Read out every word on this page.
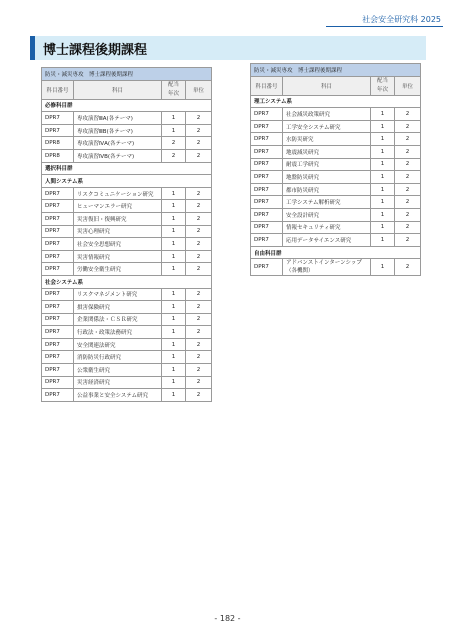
社会安全研究科 2025
博士課程後期課程
防災・減災専攻　博士課程後期課程			
科目番号	科目	配当 年次	単位
必修科目群			
DPR7	専攻演習ⅢA(各テーマ)	1	2
DPR7	専攻演習ⅢB(各テーマ)	1	2
DPR8	専攻演習ⅣA(各テーマ)	2	2
DPR8	専攻演習ⅣB(各テーマ)	2	2
選択科目群			
人間システム系			
DPR7	リスクコミュニケーション研究	1	2
DPR7	ヒューマンエラー研究	1	2
DPR7	災害復旧・復興研究	1	2
DPR7	災害心理研究	1	2
DPR7	社会安全思想研究	1	2
DPR7	災害情報研究	1	2
DPR7	労働安全衛生研究	1	2
社会システム系			
DPR7	リスクマネジメント研究	1	2
DPR7	損害保険研究	1	2
DPR7	企業関係法・ＣＳＲ研究	1	2
DPR7	行政法・政策法務研究	1	2
DPR7	安全関連法研究	1	2
DPR7	消防防災行政研究	1	2
DPR7	公衆衛生研究	1	2
DPR7	災害経済研究	1	2
DPR7	公益事業と安全システム研究	1	2
防災・減災専攻　博士課程後期課程			
科目番号	科目	配当 年次	単位
理工システム系			
DPR7	社会減災政策研究	1	2
DPR7	工学安全システム研究	1	2
DPR7	水防災研究	1	2
DPR7	地震減災研究	1	2
DPR7	耐震工学研究	1	2
DPR7	地盤防災研究	1	2
DPR7	都市防災研究	1	2
DPR7	工学システム解析研究	1	2
DPR7	安全設計研究	1	2
DPR7	情報セキュリティ研究	1	2
DPR7	応用データサイエンス研究	1	2
自由科目群			
DPR7	アドバンストインターンシップ（各機関）	1	2
- 182 -
